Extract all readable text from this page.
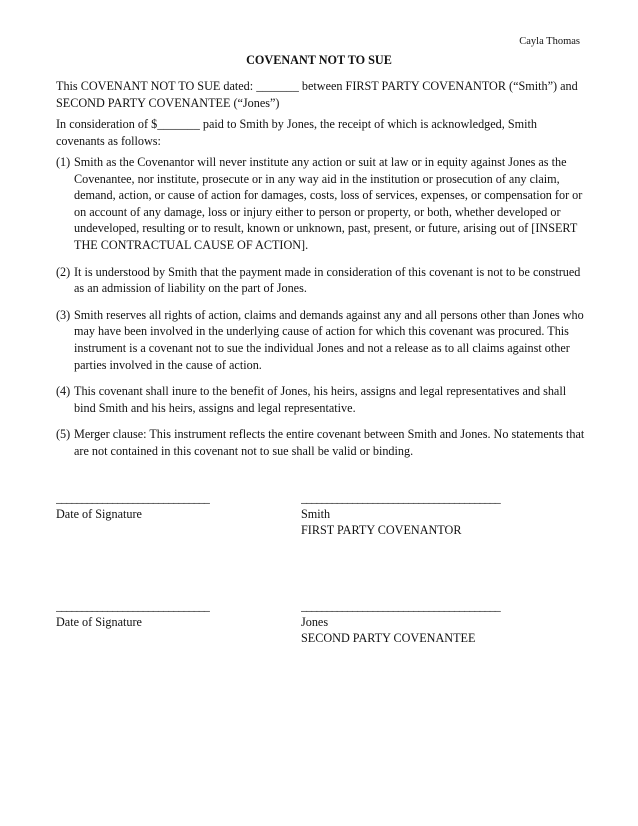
Cayla Thomas
COVENANT NOT TO SUE

This COVENANT NOT TO SUE dated: _______ between FIRST PARTY COVENANTOR (“Smith”) and SECOND PARTY COVENANTEE (“Jones”)

In consideration of $_______ paid to Smith by Jones, the receipt of which is acknowledged, Smith covenants as follows:

(1) Smith as the Covenantor will never institute any action or suit at law or in equity against Jones as the Covenantee, nor institute, prosecute or in any way aid in the institution or prosecution of any claim, demand, action, or cause of action for damages, costs, loss of services, expenses, or compensation for or on account of any damage, loss or injury either to person or property, or both, whether developed or undeveloped, resulting or to result, known or unknown, past, present, or future, arising out of [INSERT THE CONTRACTUAL CAUSE OF ACTION].
(2) It is understood by Smith that the payment made in consideration of this covenant is not to be construed as an admission of liability on the part of Jones.
(3) Smith reserves all rights of action, claims and demands against any and all persons other than Jones who may have been involved in the underlying cause of action for which this covenant was procured. This instrument is a covenant not to sue the individual Jones and not a release as to all claims against other parties involved in the cause of action.
(4) This covenant shall inure to the benefit of Jones, his heirs, assigns and legal representatives and shall bind Smith and his heirs, assigns and legal representative.
(5) Merger clause: This instrument reflects the entire covenant between Smith and Jones. No statements that are not contained in this covenant not to sue shall be valid or binding.
______________________________
Date of Signature
_______________________________________
Smith
FIRST PARTY COVENANTOR
______________________________
Date of Signature
_______________________________________
Jones
SECOND PARTY COVENANTEE
